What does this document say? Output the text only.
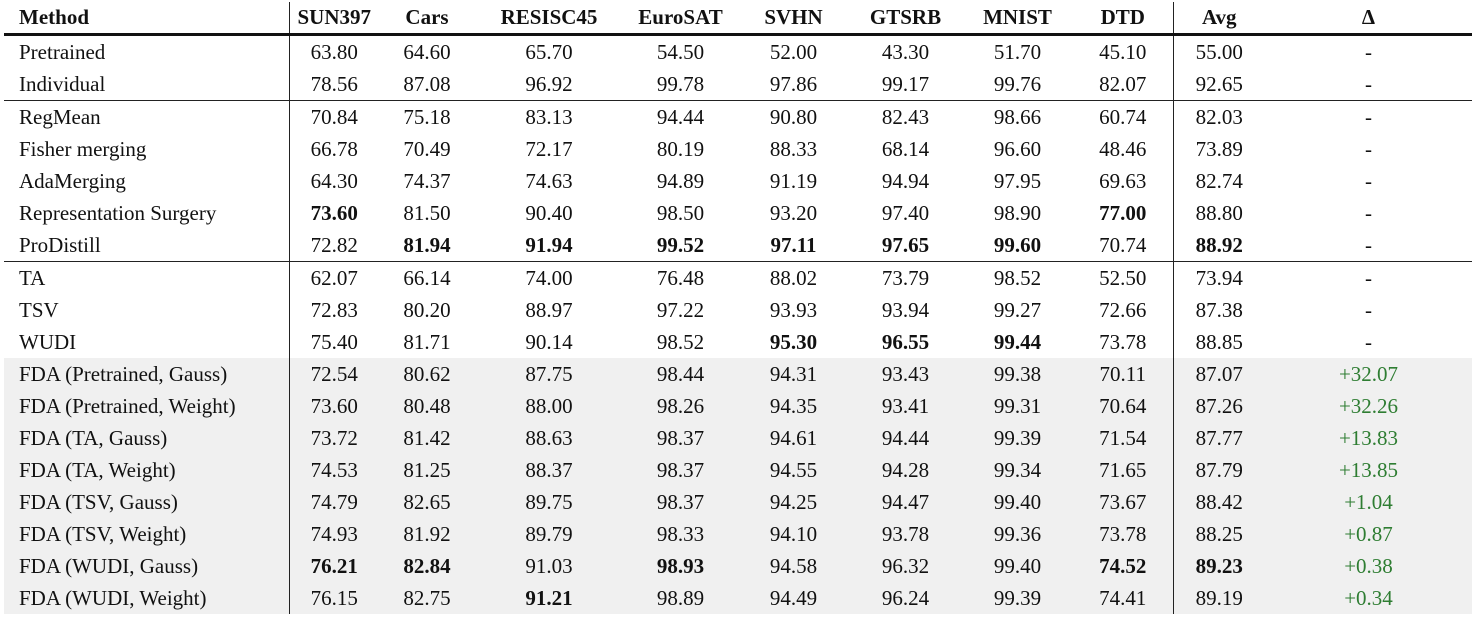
Method	SUN397	Cars	RESISC45	EuroSAT	SVHN	GTSRB	MNIST	DTD	Avg	Δ
Pretrained	63.80	64.60	65.70	54.50	52.00	43.30	51.70	45.10	55.00	-
Individual	78.56	87.08	96.92	99.78	97.86	99.17	99.76	82.07	92.65	-
RegMean	70.84	75.18	83.13	94.44	90.80	82.43	98.66	60.74	82.03	-
Fisher merging	66.78	70.49	72.17	80.19	88.33	68.14	96.60	48.46	73.89	-
AdaMerging	64.30	74.37	74.63	94.89	91.19	94.94	97.95	69.63	82.74	-
Representation Surgery	73.60	81.50	90.40	98.50	93.20	97.40	98.90	77.00	88.80	-
ProDistill	72.82	81.94	91.94	99.52	97.11	97.65	99.60	70.74	88.92	-
TA	62.07	66.14	74.00	76.48	88.02	73.79	98.52	52.50	73.94	-
TSV	72.83	80.20	88.97	97.22	93.93	93.94	99.27	72.66	87.38	-
WUDI	75.40	81.71	90.14	98.52	95.30	96.55	99.44	73.78	88.85	-
FDA (Pretrained, Gauss)	72.54	80.62	87.75	98.44	94.31	93.43	99.38	70.11	87.07	+32.07
FDA (Pretrained, Weight)	73.60	80.48	88.00	98.26	94.35	93.41	99.31	70.64	87.26	+32.26
FDA (TA, Gauss)	73.72	81.42	88.63	98.37	94.61	94.44	99.39	71.54	87.77	+13.83
FDA (TA, Weight)	74.53	81.25	88.37	98.37	94.55	94.28	99.34	71.65	87.79	+13.85
FDA (TSV, Gauss)	74.79	82.65	89.75	98.37	94.25	94.47	99.40	73.67	88.42	+1.04
FDA (TSV, Weight)	74.93	81.92	89.79	98.33	94.10	93.78	99.36	73.78	88.25	+0.87
FDA (WUDI, Gauss)	76.21	82.84	91.03	98.93	94.58	96.32	99.40	74.52	89.23	+0.38
FDA (WUDI, Weight)	76.15	82.75	91.21	98.89	94.49	96.24	99.39	74.41	89.19	+0.34
